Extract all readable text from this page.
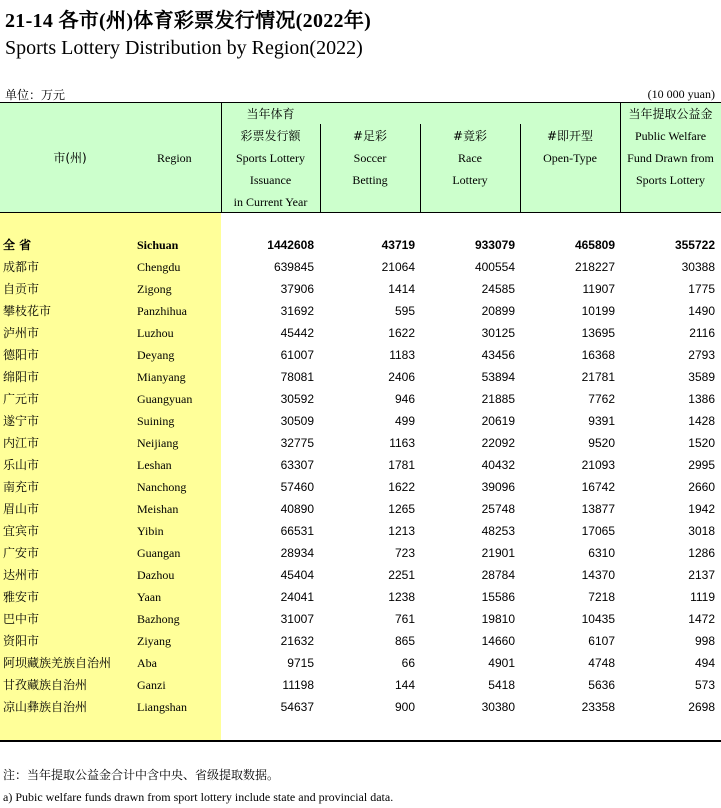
21-14 各市(州)体育彩票发行情况(2022年)
Sports Lottery Distribution by Region(2022)
单位：万元	(10 000 yuan)
市(州)	Region
当年体育
彩票发行额
Sports Lottery
Issuance
in Current Year
#足彩
Soccer
Betting
#竟彩
Race
Lottery
#即开型
Open-Type
当年提取公益金
Public Welfare
Fund Drawn from
Sports Lottery
全 省	Sichuan	1442608	43719	933079	465809	355722
成都市	Chengdu	639845	21064	400554	218227	30388
自贡市	Zigong	37906	1414	24585	11907	1775
攀枝花市	Panzhihua	31692	595	20899	10199	1490
泸州市	Luzhou	45442	1622	30125	13695	2116
德阳市	Deyang	61007	1183	43456	16368	2793
绵阳市	Mianyang	78081	2406	53894	21781	3589
广元市	Guangyuan	30592	946	21885	7762	1386
遂宁市	Suining	30509	499	20619	9391	1428
内江市	Neijiang	32775	1163	22092	9520	1520
乐山市	Leshan	63307	1781	40432	21093	2995
南充市	Nanchong	57460	1622	39096	16742	2660
眉山市	Meishan	40890	1265	25748	13877	1942
宜宾市	Yibin	66531	1213	48253	17065	3018
广安市	Guangan	28934	723	21901	6310	1286
达州市	Dazhou	45404	2251	28784	14370	2137
雅安市	Yaan	24041	1238	15586	7218	1119
巴中市	Bazhong	31007	761	19810	10435	1472
资阳市	Ziyang	21632	865	14660	6107	998
阿坝藏族羌族自治州 Aba	9715	66	4901	4748	494
甘孜藏族自治州	Ganzi	11198	144	5418	5636	573
凉山彝族自治州	Liangshan	54637	900	30380	23358	2698
注：当年提取公益金合计中含中央、省级提取数据。
a) Pubic welfare funds drawn from sport lottery include state and provincial data.
